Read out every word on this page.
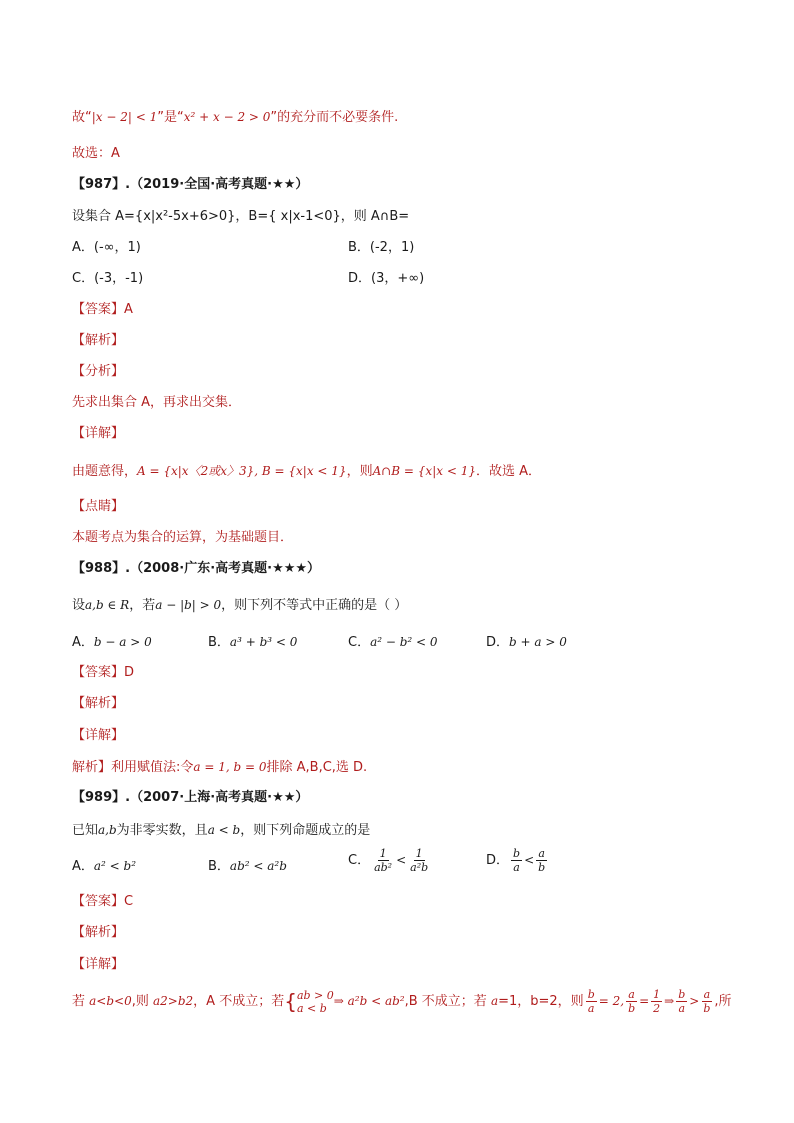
故“|x − 2| < 1”是“x² + x − 2 > 0”的充分而不必要条件.
故选：A
【987】.（2019·全国·高考真题·★★）
设集合 A={x|x²-5x+6>0}，B={ x|x-1<0}，则 A∩B=
A．(-∞，1)	B．(-2，1)
C．(-3，-1)	D．(3，+∞)
【答案】A
【解析】
【分析】
先求出集合 A，再求出交集．
【详解】
由题意得，A = {x|x〈2或x〉3}, B = {x|x < 1}，则A∩B = {x|x < 1}．故选 A．
【点睛】
本题考点为集合的运算，为基础题目．
【988】.（2008·广东·高考真题·★★★）
设a,b ∈ R，若a − |b| > 0，则下列不等式中正确的是（ ）
A．b − a > 0	B．a³ + b³ < 0	C．a² − b² < 0	D．b + a > 0
【答案】D
【解析】
【详解】
解析】利用赋值法:令a = 1, b = 0排除 A,B,C,选 D.
【989】.（2007·上海·高考真题·★★）
已知a,b为非零实数，且a < b，则下列命题成立的是
A．a² < b²	B．ab² < a²b	C． $\frac{1}{\text{ab²}} < \frac{1}{\text{a²b}}$	D． $\frac{b}{a} < \frac{a}{b}$
【答案】C
【解析】
【详解】
若 a<b<0,则 a2>b2，A 不成立；若{ ab > 0
a < b ⇒ a²b < ab²,B 不成立；若 a=1，b=2，则 $\frac{b}{a} = 2$, $\frac{a}{b} = \frac{1}{2}$ ⇒ $\frac{b}{a} > \frac{a}{b}$ ,所
